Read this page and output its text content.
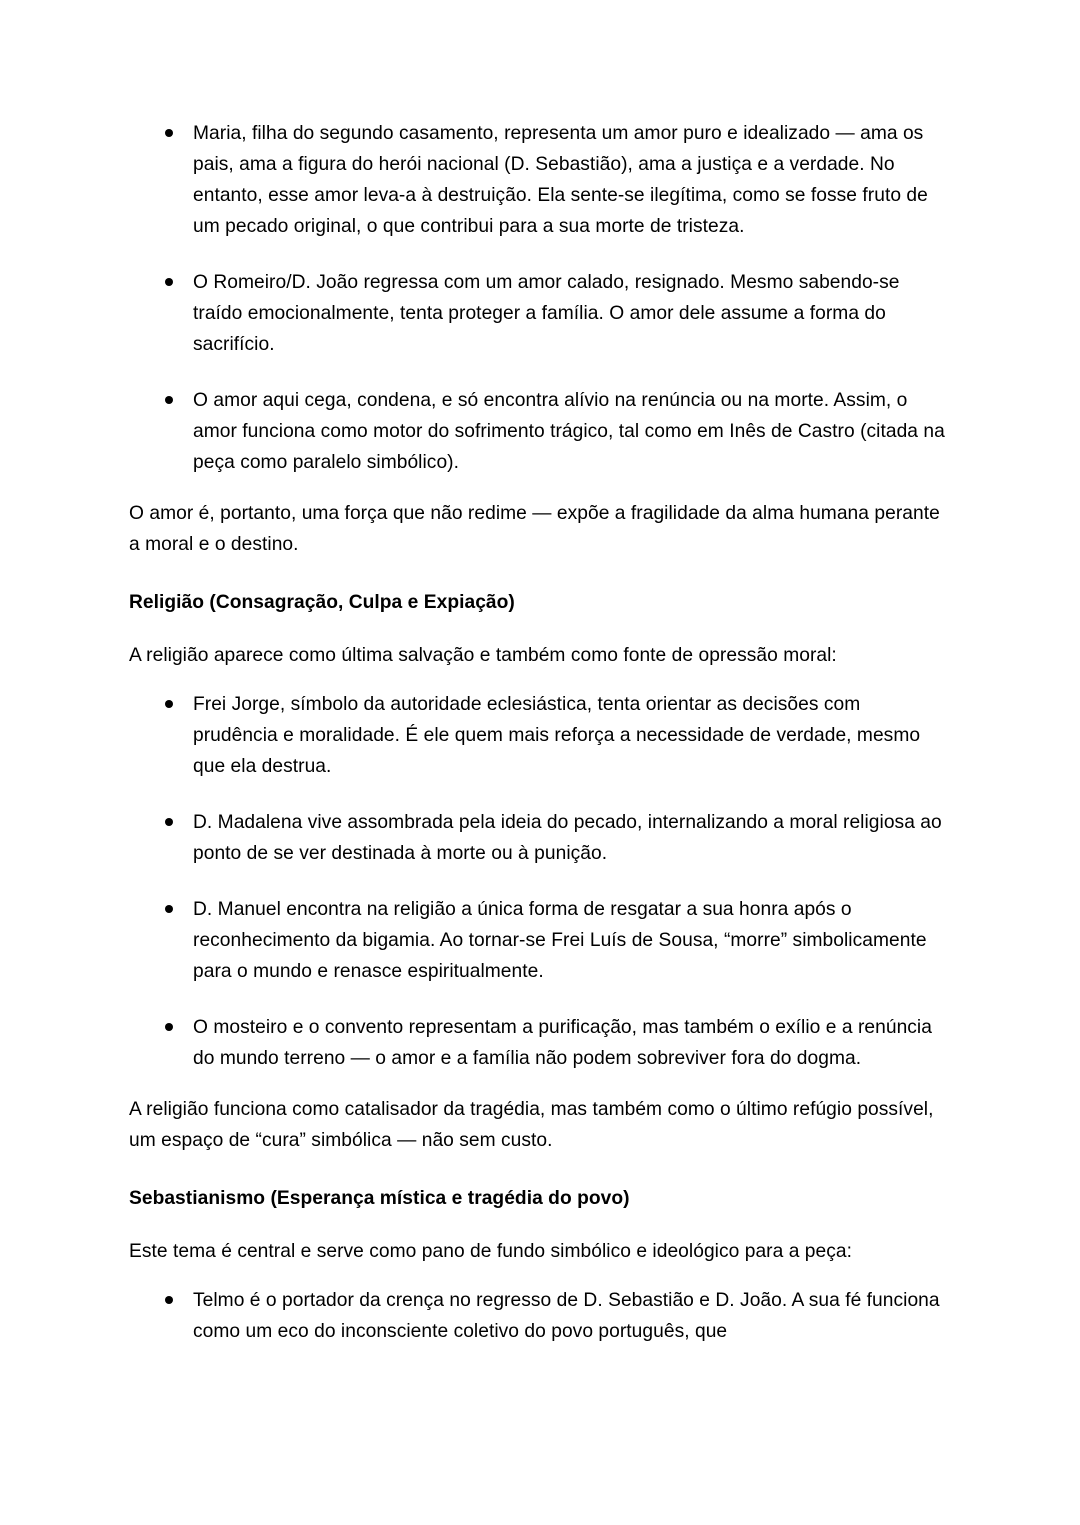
Maria, filha do segundo casamento, representa um amor puro e idealizado — ama os pais, ama a figura do herói nacional (D. Sebastião), ama a justiça e a verdade. No entanto, esse amor leva-a à destruição. Ela sente-se ilegítima, como se fosse fruto de um pecado original, o que contribui para a sua morte de tristeza.
O Romeiro/D. João regressa com um amor calado, resignado. Mesmo sabendo-se traído emocionalmente, tenta proteger a família. O amor dele assume a forma do sacrifício.
O amor aqui cega, condena, e só encontra alívio na renúncia ou na morte. Assim, o amor funciona como motor do sofrimento trágico, tal como em Inês de Castro (citada na peça como paralelo simbólico).

O amor é, portanto, uma força que não redime — expõe a fragilidade da alma humana perante a moral e o destino.

Religião (Consagração, Culpa e Expiação)

A religião aparece como última salvação e também como fonte de opressão moral:

Frei Jorge, símbolo da autoridade eclesiástica, tenta orientar as decisões com prudência e moralidade. É ele quem mais reforça a necessidade de verdade, mesmo que ela destrua.
D. Madalena vive assombrada pela ideia do pecado, internalizando a moral religiosa ao ponto de se ver destinada à morte ou à punição.
D. Manuel encontra na religião a única forma de resgatar a sua honra após o reconhecimento da bigamia. Ao tornar-se Frei Luís de Sousa, “morre” simbolicamente para o mundo e renasce espiritualmente.
O mosteiro e o convento representam a purificação, mas também o exílio e a renúncia do mundo terreno — o amor e a família não podem sobreviver fora do dogma.

A religião funciona como catalisador da tragédia, mas também como o último refúgio possível, um espaço de “cura” simbólica — não sem custo.

Sebastianismo (Esperança mística e tragédia do povo)

Este tema é central e serve como pano de fundo simbólico e ideológico para a peça:

Telmo é o portador da crença no regresso de D. Sebastião e D. João. A sua fé funciona como um eco do inconsciente coletivo do povo português, que
